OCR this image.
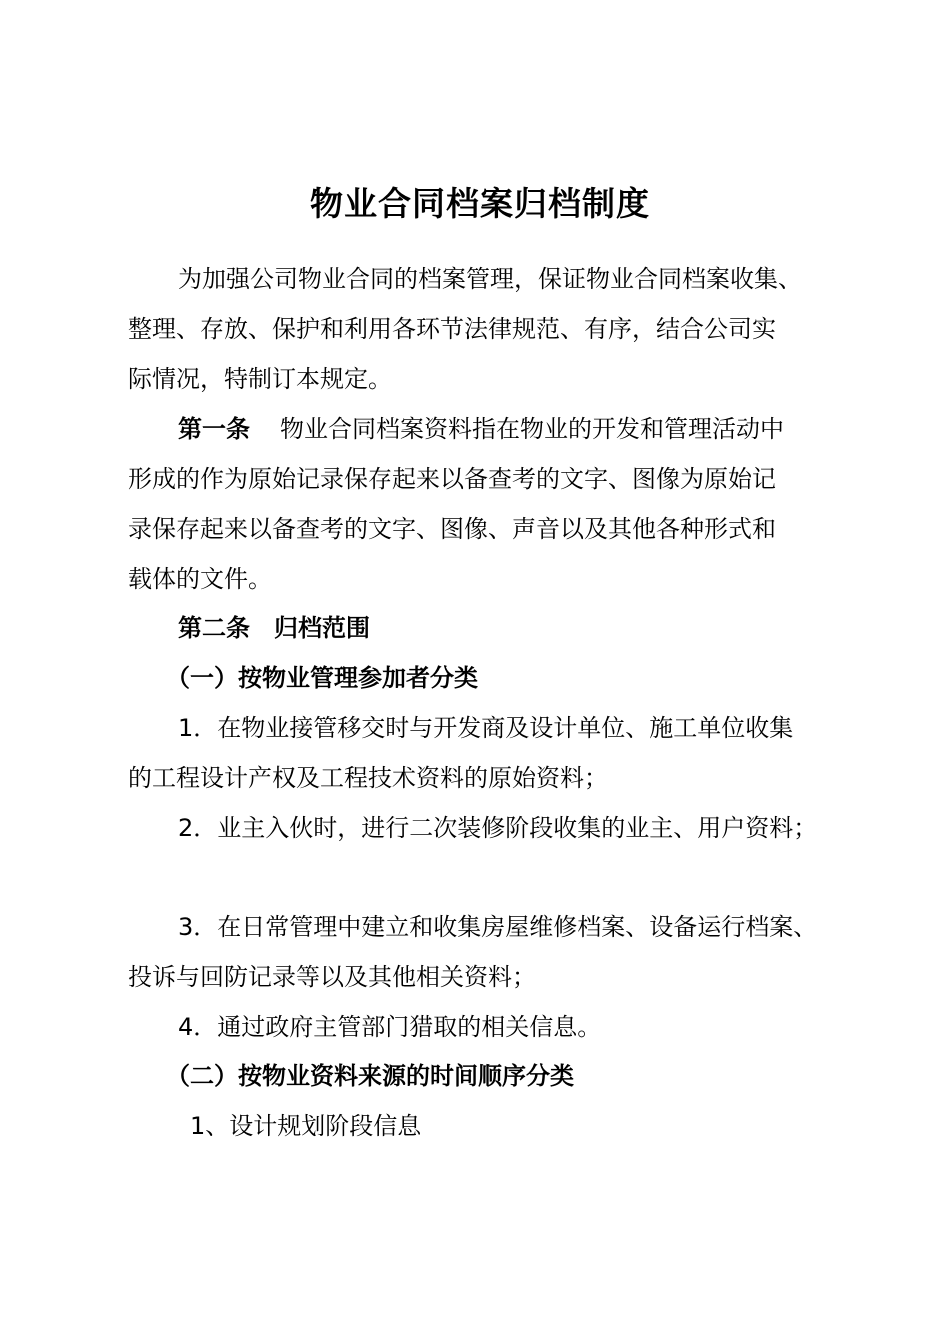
物业合同档案归档制度
为加强公司物业合同的档案管理，保证物业合同档案收集、
整理、存放、保护和利用各环节法律规范、有序，结合公司实
际情况，特制订本规定。
第一条 物业合同档案资料指在物业的开发和管理活动中
形成的作为原始记录保存起来以备查考的文字、图像为原始记
录保存起来以备查考的文字、图像、声音以及其他各种形式和
载体的文件。
第二条 归档范围
（一）按物业管理参加者分类
1．在物业接管移交时与开发商及设计单位、施工单位收集
的工程设计产权及工程技术资料的原始资料；
2．业主入伙时，进行二次装修阶段收集的业主、用户资料；
3．在日常管理中建立和收集房屋维修档案、设备运行档案、
投诉与回防记录等以及其他相关资料；
4．通过政府主管部门猎取的相关信息。
（二）按物业资料来源的时间顺序分类
1、设计规划阶段信息
